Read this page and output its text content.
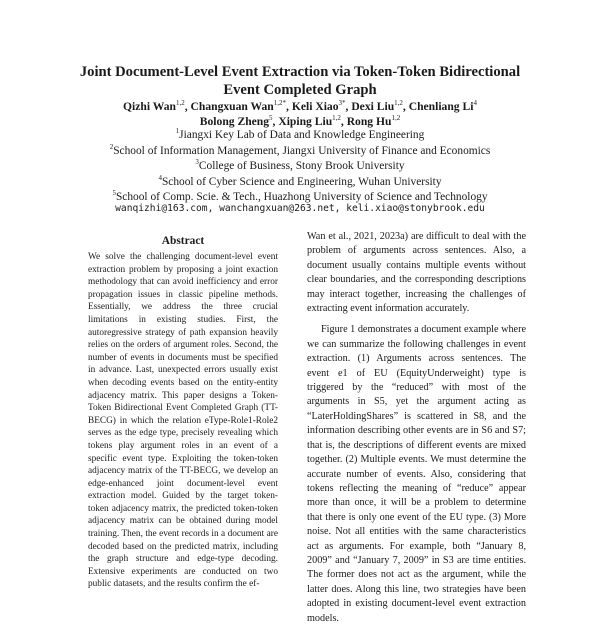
Joint Document-Level Event Extraction via Token-Token Bidirectional
Event Completed Graph
Qizhi Wan$^{1,2}$, Changxuan Wan$^{1,2*}$, Keli Xiao$^{3*}$, Dexi Liu$^{1,2}$, Chenliang Li$^4$
Bolong Zheng$^5$, Xiping Liu$^{1,2}$, Rong Hu$^{1,2}$
$^1$Jiangxi Key Lab of Data and Knowledge Engineering
$^2$School of Information Management, Jiangxi University of Finance and Economics
$^3$College of Business, Stony Brook University
$^4$School of Cyber Science and Engineering, Wuhan University
$^5$School of Comp. Scie. & Tech., Huazhong University of Science and Technology
wanqizhi@163.com, wanchangxuan@263.net, keli.xiao@stonybrook.edu
Abstract
We solve the challenging document-level event extraction problem by proposing a joint exaction methodology that can avoid inefficiency and error propagation issues in classic pipeline methods. Essentially, we address the three crucial limitations in existing studies. First, the autoregressive strategy of path expansion heavily relies on the orders of argument roles. Second, the number of events in documents must be specified in advance. Last, unexpected errors usually exist when decoding events based on the entity-entity adjacency matrix. This paper designs a Token-Token Bidirectional Event Completed Graph (TT-BECG) in which the relation eType-Role1-Role2 serves as the edge type, precisely revealing which tokens play argument roles in an event of a specific event type. Exploiting the token-token adjacency matrix of the TT-BECG, we develop an edge-enhanced joint document-level event extraction model. Guided by the target token-token adjacency matrix, the predicted token-token adjacency matrix can be obtained during model training. Then, the event records in a document are decoded based on the predicted matrix, including the graph structure and edge-type decoding. Extensive experiments are conducted on two public datasets, and the results confirm the ef-

Wan et al., 2021, 2023a) are difficult to deal with the problem of arguments across sentences. Also, a document usually contains multiple events without clear boundaries, and the corresponding descriptions may interact together, increasing the challenges of extracting event information accurately.

Figure 1 demonstrates a document example where we can summarize the following challenges in event extraction. (1) Arguments across sentences. The event e1 of EU (EquityUnderweight) type is triggered by the “reduced” with most of the arguments in S5, yet the argument acting as “LaterHoldingShares” is scattered in S8, and the information describing other events are in S6 and S7; that is, the descriptions of different events are mixed together. (2) Multiple events. We must determine the accurate number of events. Also, considering that tokens reflecting the meaning of “reduce” appear more than once, it will be a problem to determine that there is only one event of the EU type. (3) More noise. Not all entities with the same characteristics act as arguments. For example, both “January 8, 2009” and “January 7, 2009” in S3 are time entities. The former does not act as the argument, while the latter does. Along this line, two strategies have been adopted in existing document-level event extraction models.
